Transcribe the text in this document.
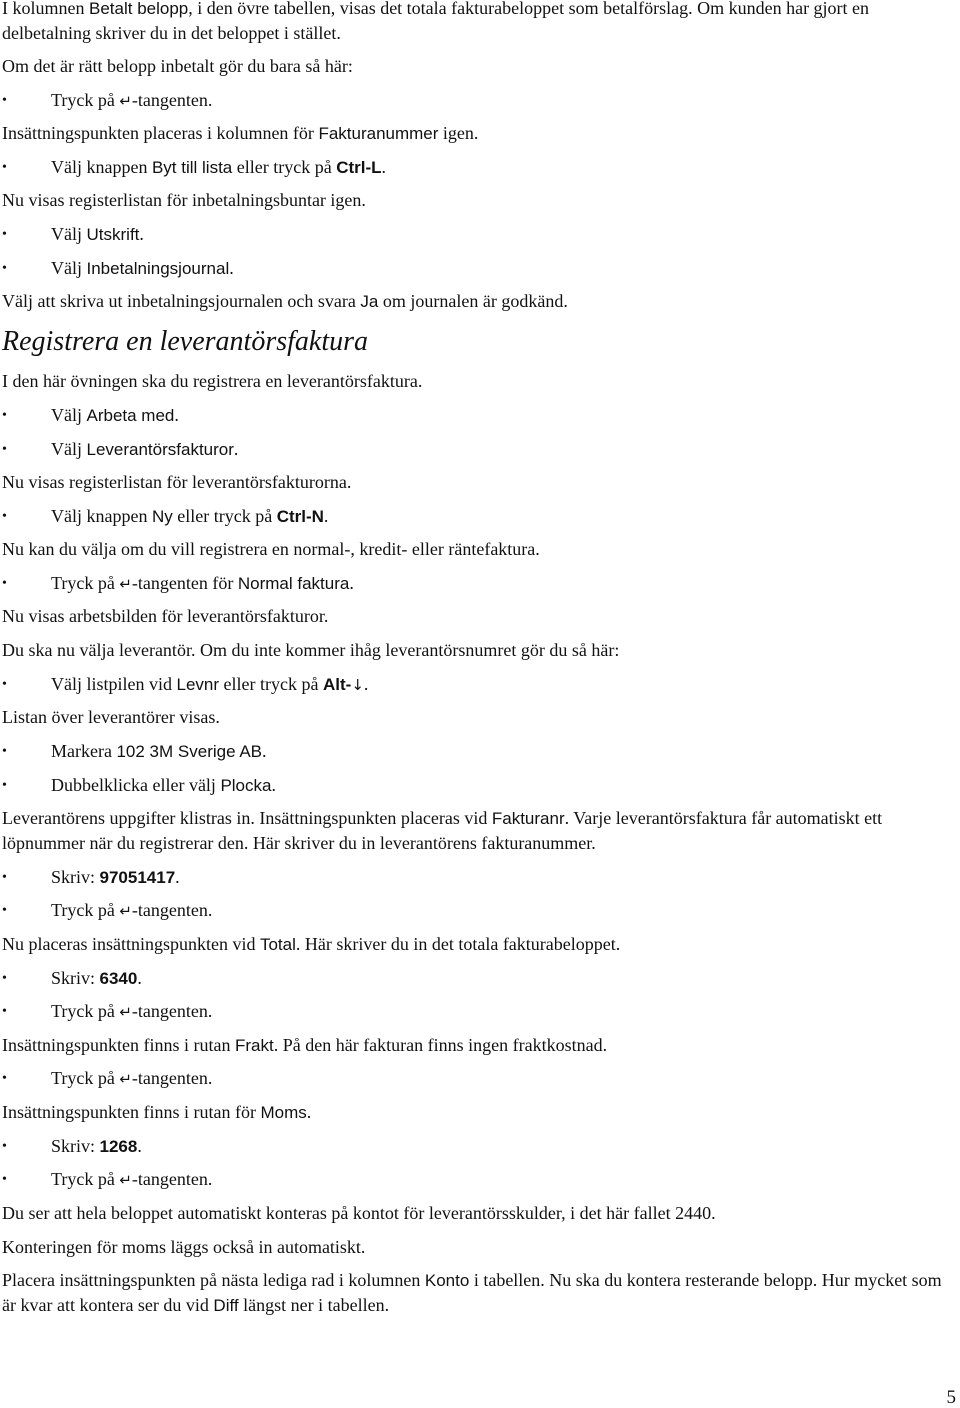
I kolumnen Betalt belopp, i den övre tabellen, visas det totala fakturabeloppet som betalförslag. Om kunden har gjort en delbetalning skriver du in det beloppet i stället.

Om det är rätt belopp inbetalt gör du bara så här:

•	Tryck på ↵-tangenten.

Insättningspunkten placeras i kolumnen för Fakturanummer igen.

•	Välj knappen Byt till lista eller tryck på Ctrl-L.

Nu visas registerlistan för inbetalningsbuntar igen.

•	Välj Utskrift.
•	Välj Inbetalningsjournal.

Välj att skriva ut inbetalningsjournalen och svara Ja om journalen är godkänd.

Registrera en leverantörsfaktura

I den här övningen ska du registrera en leverantörsfaktura.

•	Välj Arbeta med.
•	Välj Leverantörsfakturor.

Nu visas registerlistan för leverantörsfakturorna.

•	Välj knappen Ny eller tryck på Ctrl-N.

Nu kan du välja om du vill registrera en normal-, kredit- eller räntefaktura.

•	Tryck på ↵-tangenten för Normal faktura.

Nu visas arbetsbilden för leverantörsfakturor.

Du ska nu välja leverantör. Om du inte kommer ihåg leverantörsnumret gör du så här:

•	Välj listpilen vid Levnr eller tryck på Alt-↓.

Listan över leverantörer visas.

•	Markera 102 3M Sverige AB.
•	Dubbelklicka eller välj Plocka.

Leverantörens uppgifter klistras in. Insättningspunkten placeras vid Fakturanr. Varje leverantörsfaktura får automatiskt ett löpnummer när du registrerar den. Här skriver du in leverantörens fakturanummer.

•	Skriv: 97051417.
•	Tryck på ↵-tangenten.

Nu placeras insättningspunkten vid Total. Här skriver du in det totala fakturabeloppet.

•	Skriv: 6340.
•	Tryck på ↵-tangenten.

Insättningspunkten finns i rutan Frakt. På den här fakturan finns ingen fraktkostnad.

•	Tryck på ↵-tangenten.

Insättningspunkten finns i rutan för Moms.

•	Skriv: 1268.
•	Tryck på ↵-tangenten.

Du ser att hela beloppet automatiskt konteras på kontot för leverantörsskulder, i det här fallet 2440.

Konteringen för moms läggs också in automatiskt.

Placera insättningspunkten på nästa lediga rad i kolumnen Konto i tabellen. Nu ska du kontera resterande belopp. Hur mycket som är kvar att kontera ser du vid Diff längst ner i tabellen.

5
